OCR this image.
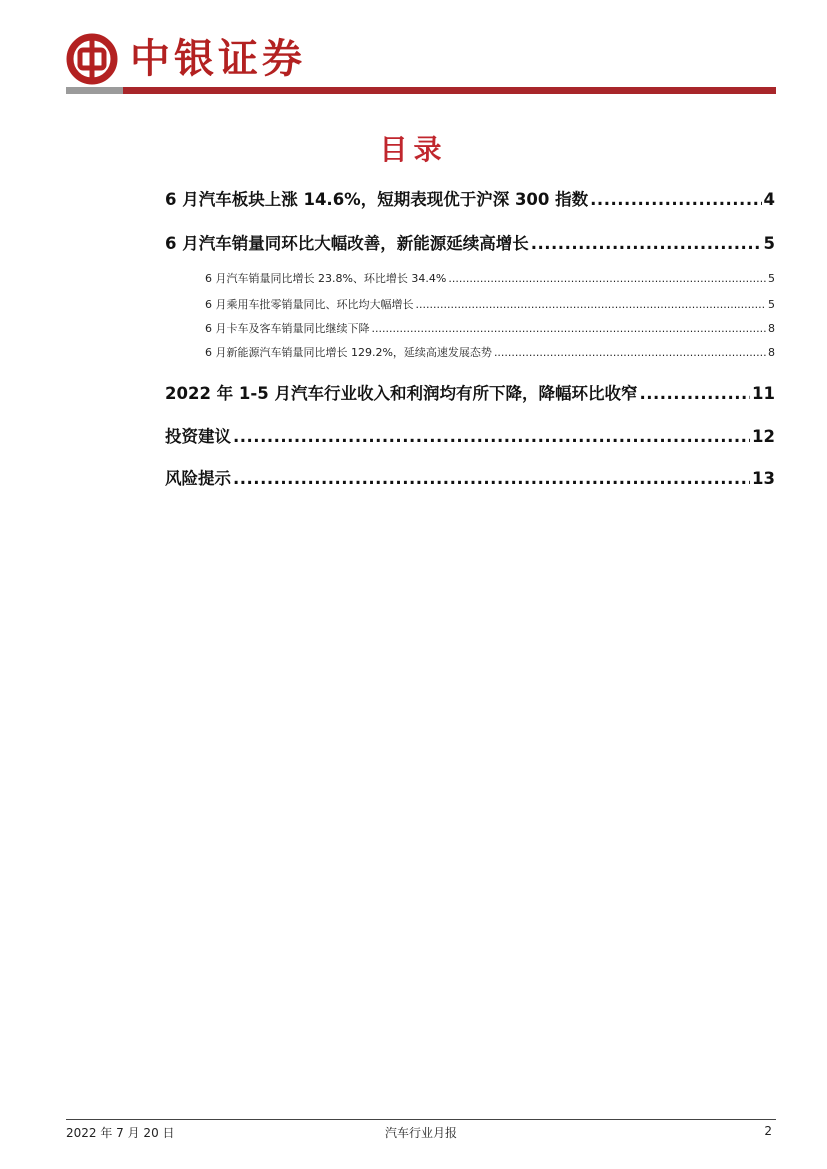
中银证券
目录
6 月汽车板块上涨 14.6%，短期表现优于沪深 300 指数 .....	4
6 月汽车销量同环比大幅改善，新能源延续高增长 .....	5
6 月汽车销量同比增长 23.8%、环比增长 34.4% .....	5
6 月乘用车批零销量同比、环比均大幅增长 .....	5
6 月卡车及客车销量同比继续下降 .....	8
6 月新能源汽车销量同比增长 129.2%，延续高速发展态势 .....	8
2022 年 1-5 月汽车行业收入和利润均有所下降，降幅环比收窄 .....	11
投资建议 .....	12
风险提示 .....	13
2022 年 7 月 20 日	汽车行业月报	2
